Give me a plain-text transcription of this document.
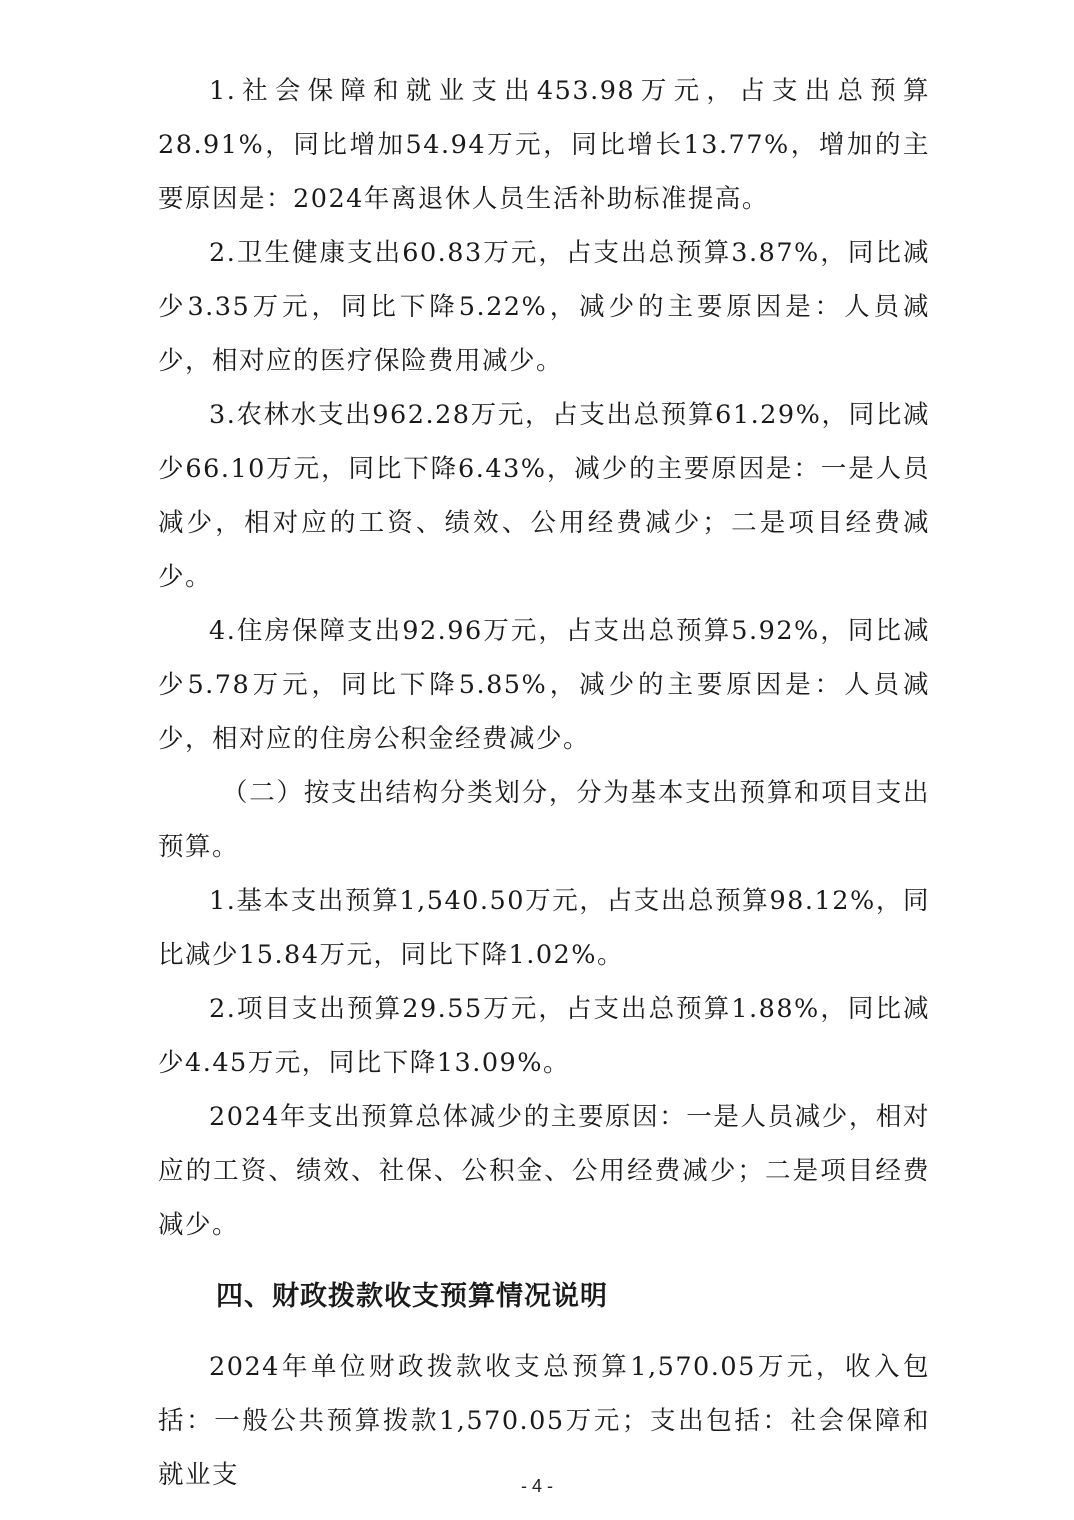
1.社会保障和就业支出453.98万元，占支出总预算28.91%，同比增加54.94万元，同比增长13.77%，增加的主要原因是：2024年离退休人员生活补助标准提高。

2.卫生健康支出60.83万元，占支出总预算3.87%，同比减少3.35万元，同比下降5.22%，减少的主要原因是：人员减少，相对应的医疗保险费用减少。

3.农林水支出962.28万元，占支出总预算61.29%，同比减少66.10万元，同比下降6.43%，减少的主要原因是：一是人员减少，相对应的工资、绩效、公用经费减少；二是项目经费减少。

4.住房保障支出92.96万元，占支出总预算5.92%，同比减少5.78万元，同比下降5.85%，减少的主要原因是：人员减少，相对应的住房公积金经费减少。

（二）按支出结构分类划分，分为基本支出预算和项目支出预算。

1.基本支出预算1,540.50万元，占支出总预算98.12%，同比减少15.84万元，同比下降1.02%。

2.项目支出预算29.55万元，占支出总预算1.88%，同比减少4.45万元，同比下降13.09%。

2024年支出预算总体减少的主要原因：一是人员减少，相对应的工资、绩效、社保、公积金、公用经费减少；二是项目经费减少。

四、财政拨款收支预算情况说明

2024年单位财政拨款收支总预算1,570.05万元，收入包括：一般公共预算拨款1,570.05万元；支出包括：社会保障和就业支	- 4 -
